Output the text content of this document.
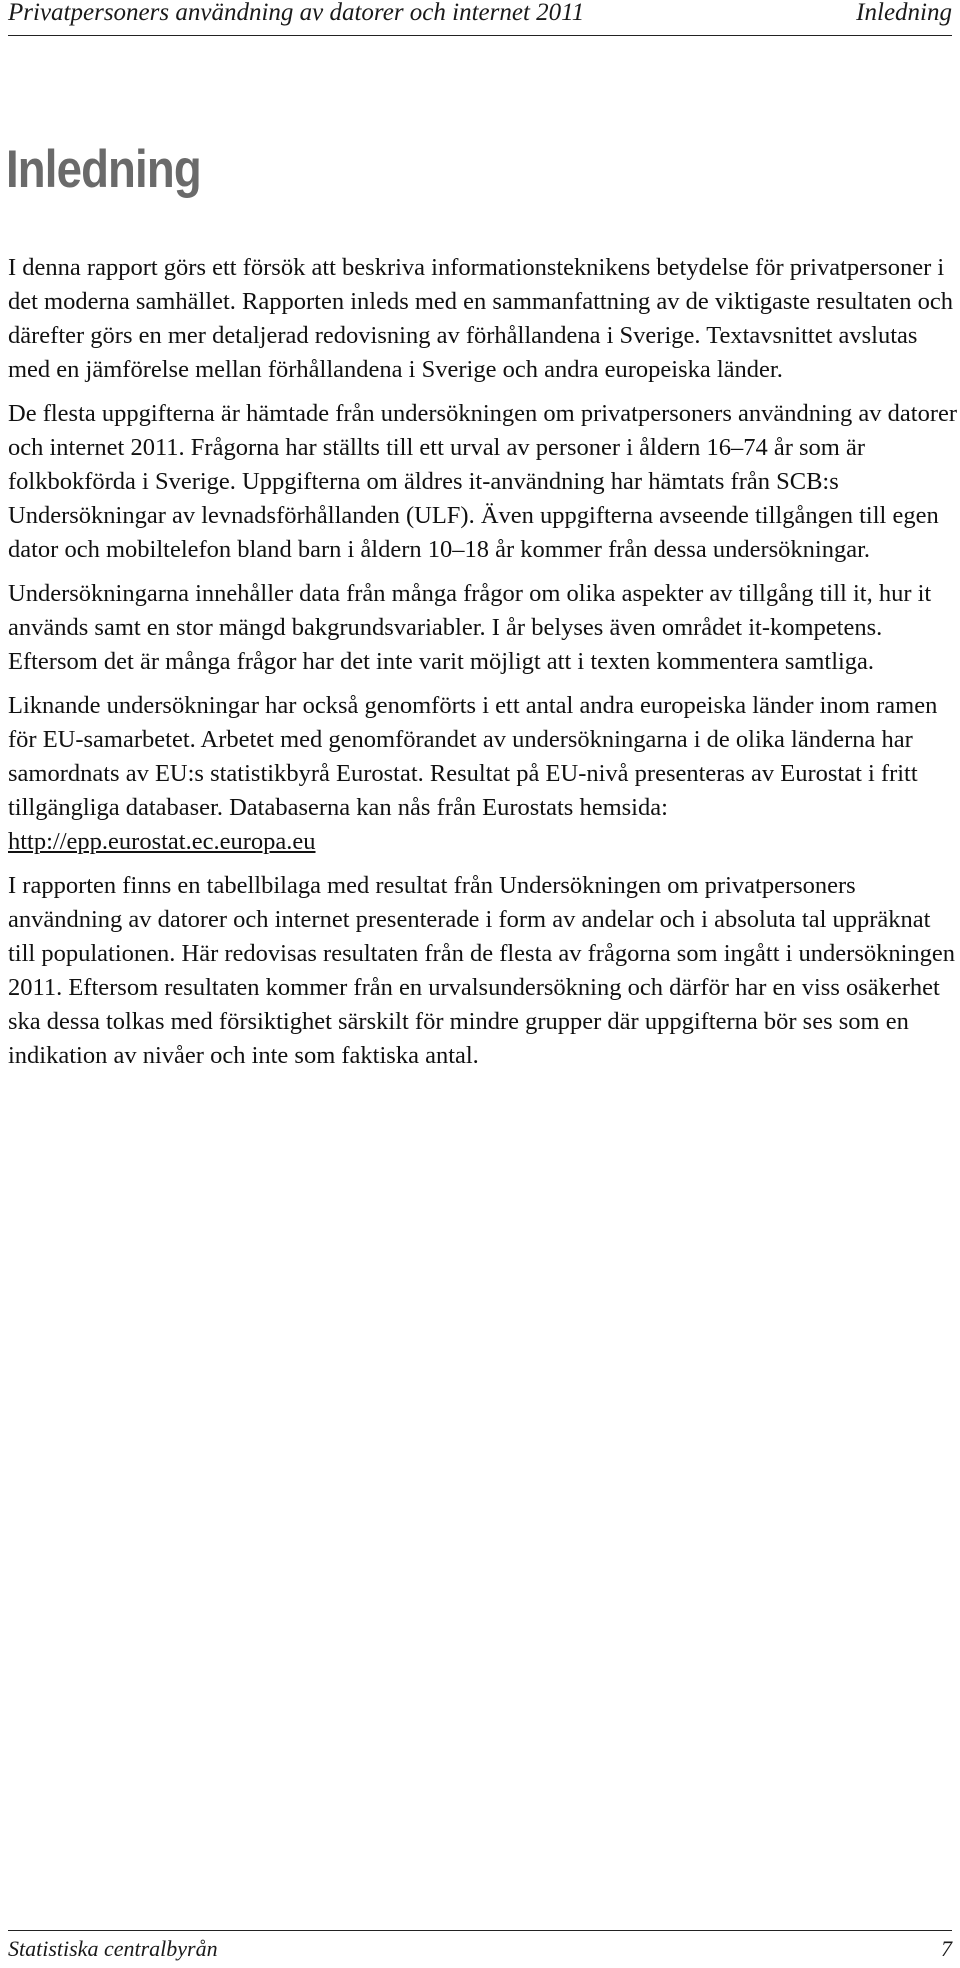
Privatpersoners användning av datorer och internet 2011	Inledning
Inledning

I denna rapport görs ett försök att beskriva informationsteknikens betydelse för privatpersoner i det moderna samhället. Rapporten inleds med en sammanfattning av de viktigaste resultaten och därefter görs en mer detaljerad redovisning av förhållandena i Sverige. Textavsnittet avslutas med en jämförelse mellan förhållandena i Sverige och andra europeiska länder.

De flesta uppgifterna är hämtade från undersökningen om privatpersoners användning av datorer och internet 2011. Frågorna har ställts till ett urval av personer i åldern 16–74 år som är folkbokförda i Sverige. Uppgifterna om äldres it-användning har hämtats från SCB:s Undersökningar av levnadsförhållanden (ULF). Även uppgifterna avseende tillgången till egen dator och mobiltelefon bland barn i åldern 10–18 år kommer från dessa undersökningar.

Undersökningarna innehåller data från många frågor om olika aspekter av tillgång till it, hur it används samt en stor mängd bakgrundsvariabler. I år belyses även området it-kompetens. Eftersom det är många frågor har det inte varit möjligt att i texten kommentera samtliga.

Liknande undersökningar har också genomförts i ett antal andra europeiska länder inom ramen för EU-samarbetet. Arbetet med genomförandet av undersökningarna i de olika länderna har samordnats av EU:s statistikbyrå Eurostat. Resultat på EU-nivå presenteras av Eurostat i fritt tillgängliga databaser. Databaserna kan nås från Eurostats hemsida:
http://epp.eurostat.ec.europa.eu

I rapporten finns en tabellbilaga med resultat från Undersökningen om privatpersoners användning av datorer och internet presenterade i form av andelar och i absoluta tal uppräknat till populationen. Här redovisas resultaten från de flesta av frågorna som ingått i undersökningen 2011. Eftersom resultaten kommer från en urvalsundersökning och därför har en viss osäkerhet ska dessa tolkas med försiktighet särskilt för mindre grupper där uppgifterna bör ses som en indikation av nivåer och inte som faktiska antal.

Statistiska centralbyrån	7
